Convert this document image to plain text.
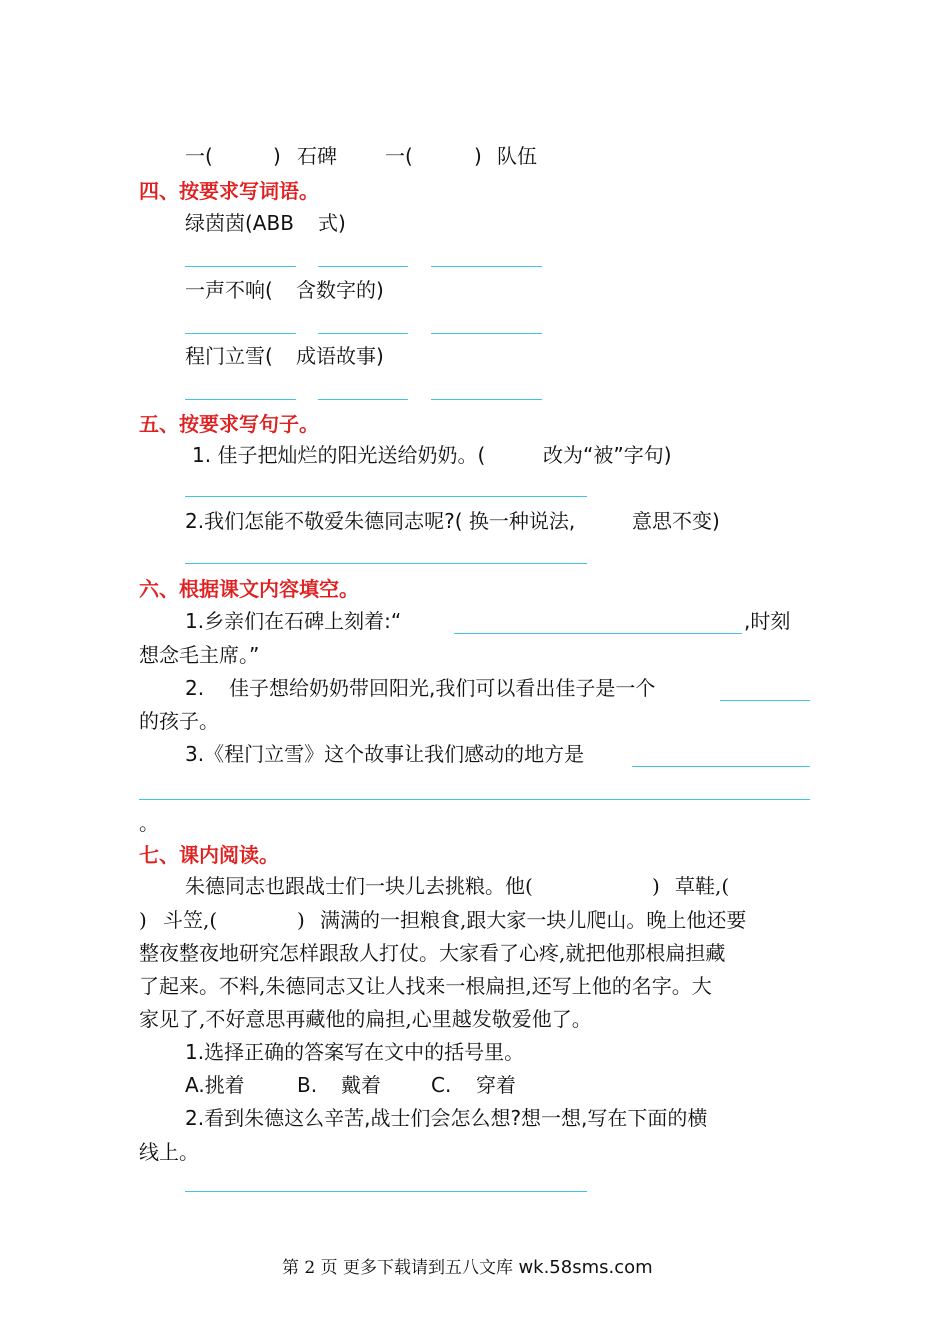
一(	) 石碑 一(	) 队伍
四、按要求写词语。
绿茵茵(ABB 式)
一声不响( 含数字的)
程门立雪( 成语故事)
五、按要求写句子。
1. 佳子把灿烂的阳光送给奶奶。(	改为“被”字句)
2.我们怎能不敬爱朱德同志呢?( 换一种说法,	意思不变)
六、根据课文内容填空。
1.乡亲们在石碑上刻着:“	,时刻
想念毛主席。”
2. 佳子想给奶奶带回阳光,我们可以看出佳子是一个
的孩子。
3.《程门立雪》这个故事让我们感动的地方是
。
七、课内阅读。
朱德同志也跟战士们一块儿去挑粮。他(	) 草鞋,(
) 斗笠,(	) 满满的一担粮食,跟大家一块儿爬山。晚上他还要
整夜整夜地研究怎样跟敌人打仗。大家看了心疼,就把他那根扁担藏
了起来。不料,朱德同志又让人找来一根扁担,还写上他的名字。大
家见了,不好意思再藏他的扁担,心里越发敬爱他了。
1.选择正确的答案写在文中的括号里。
A.挑着	B. 戴着	C. 穿着
2.看到朱德这么辛苦,战士们会怎么想?想一想,写在下面的横
线上。
第 2 页 更多下载请到五八文库 wk.58sms.com
